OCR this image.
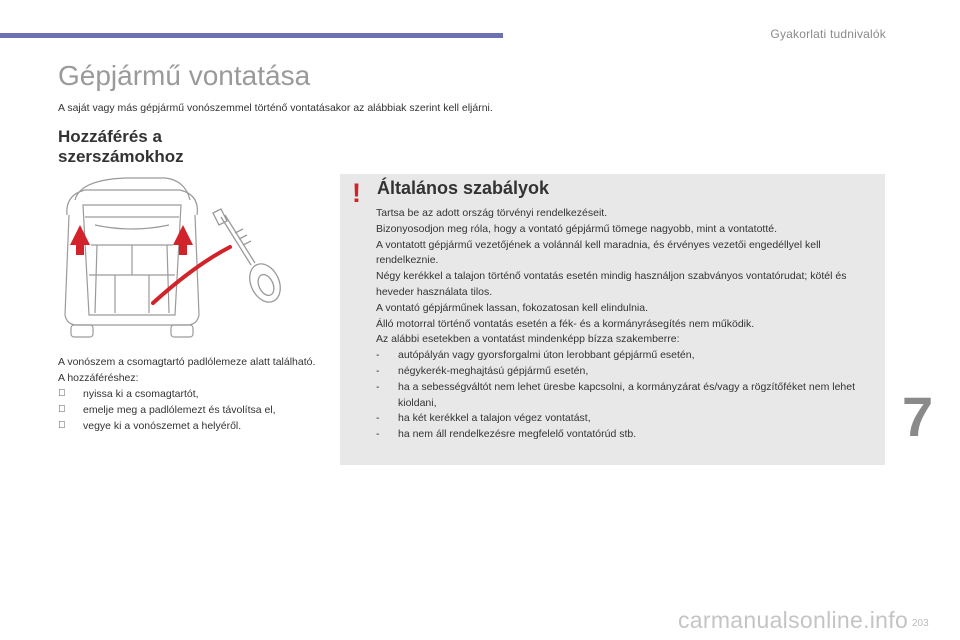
Gyakorlati tudnivalók
Gépjármű vontatása
A saját vagy más gépjármű vonószemmel történő vontatásakor az alábbiak szerint kell eljárni.
Hozzáférés a
szerszámokhoz

A vonószem a csomagtartó padlólemeze alatt található.

A hozzáféréshez:

nyissa ki a csomagtartót,
emelje meg a padlólemezt és távolítsa el,
vegye ki a vonószemet a helyéről.
! Általános szabályok

Tartsa be az adott ország törvényi rendelkezéseit.

Bizonyosodjon meg róla, hogy a vontató gépjármű tömege nagyobb, mint a vontatotté.

A vontatott gépjármű vezetőjének a volánnál kell maradnia, és érvényes vezetői engedéllyel kell rendelkeznie.

Négy kerékkel a talajon történő vontatás esetén mindig használjon szabványos vontatórudat; kötél és heveder használata tilos.

A vontató gépjárműnek lassan, fokozatosan kell elindulnia.

Álló motorral történő vontatás esetén a fék- és a kormányrásegítés nem működik.

Az alábbi esetekben a vontatást mindenképp bízza szakemberre:

- autópályán vagy gyorsforgalmi úton lerobbant gépjármű esetén,
- négykerék-meghajtású gépjármű esetén,
- ha a sebességváltót nem lehet üresbe kapcsolni, a kormányzárat és/vagy a rögzítőféket nem lehet kioldani,
- ha két kerékkel a talajon végez vontatást,
- ha nem áll rendelkezésre megfelelő vontatórúd stb.	7
carmanualsonline.info 203
